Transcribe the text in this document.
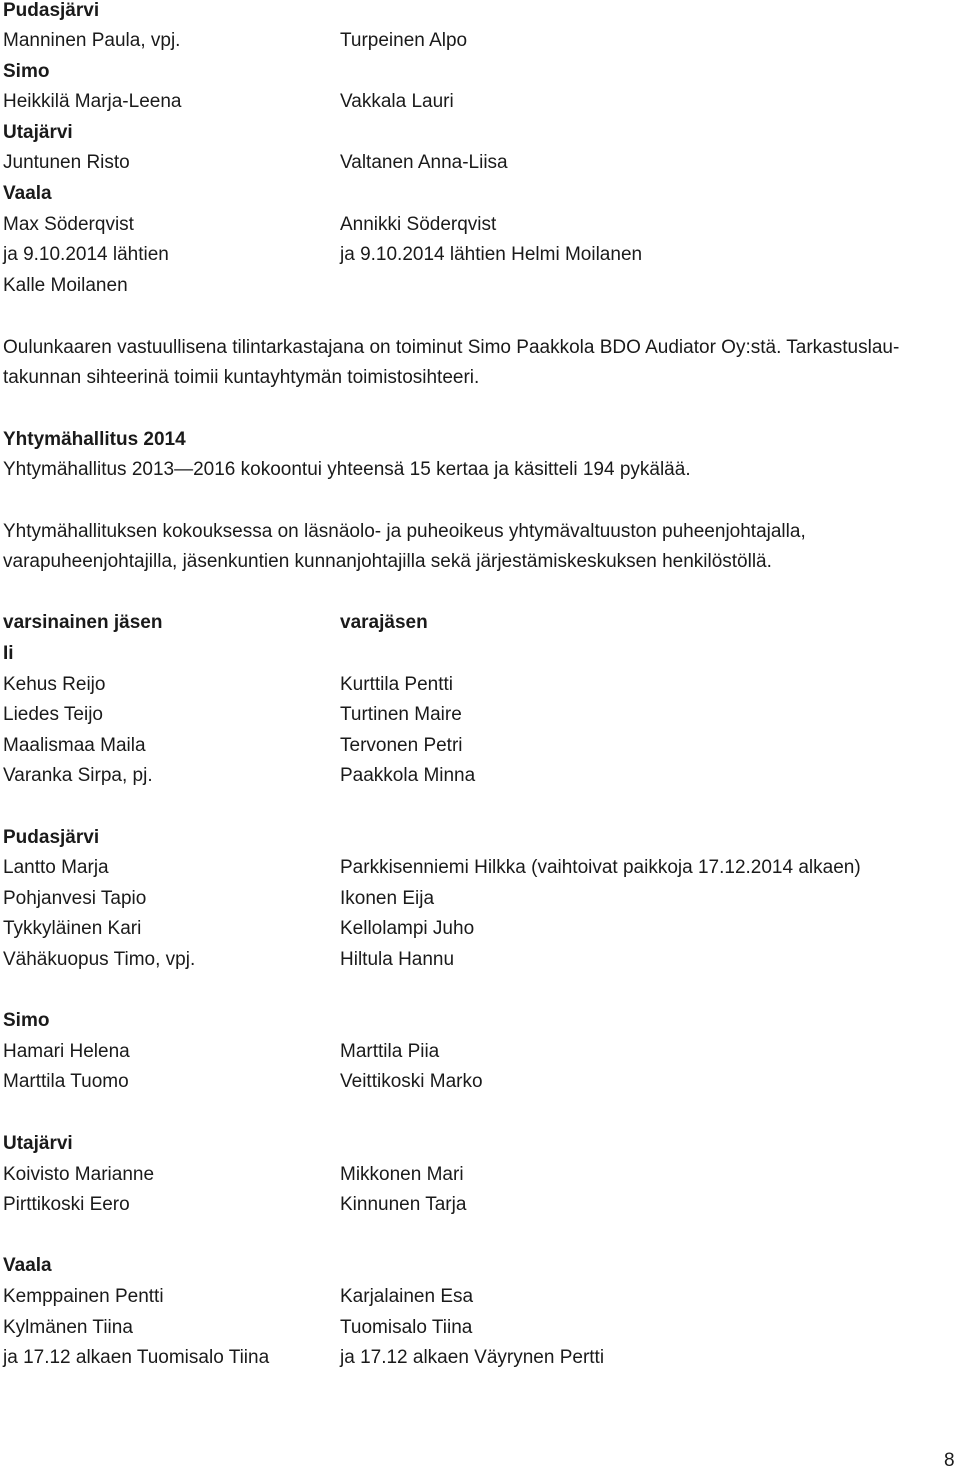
Pudasjärvi
Manninen Paula, vpj.	Turpeinen Alpo
Simo
Heikkilä Marja-Leena	Vakkala Lauri
Utajärvi
Juntunen Risto	Valtanen Anna-Liisa
Vaala
Max Söderqvist	Annikki Söderqvist
ja 9.10.2014 lähtien	ja 9.10.2014 lähtien Helmi Moilanen
Kalle Moilanen
Oulunkaaren vastuullisena tilintarkastajana on toiminut Simo Paakkola BDO Audiator Oy:stä. Tarkastuslau-
takunnan sihteerinä toimii kuntayhtymän toimistosihteeri.
Yhtymähallitus 2014
Yhtymähallitus 2013—2016 kokoontui yhteensä 15 kertaa ja käsitteli 194 pykälää.
Yhtymähallituksen kokouksessa on läsnäolo- ja puheoikeus yhtymävaltuuston puheenjohtajalla,
varapuheenjohtajilla, jäsenkuntien kunnanjohtajilla sekä järjestämiskeskuksen henkilöstöllä.
varsinainen jäsen	varajäsen
Ii
Kehus Reijo	Kurttila Pentti
Liedes Teijo	Turtinen Maire
Maalismaa Maila	Tervonen Petri
Varanka Sirpa, pj.	Paakkola Minna
Pudasjärvi
Lantto Marja	Parkkisenniemi Hilkka (vaihtoivat paikkoja 17.12.2014 alkaen)
Pohjanvesi Tapio	Ikonen Eija
Tykkyläinen Kari	Kellolampi Juho
Vähäkuopus Timo, vpj.	Hiltula Hannu
Simo
Hamari Helena	Marttila Piia
Marttila Tuomo	Veittikoski Marko
Utajärvi
Koivisto Marianne	Mikkonen Mari
Pirttikoski Eero	Kinnunen Tarja
Vaala
Kemppainen Pentti	Karjalainen Esa
Kylmänen Tiina	Tuomisalo Tiina
ja 17.12 alkaen Tuomisalo Tiina	ja 17.12 alkaen Väyrynen Pertti
8
